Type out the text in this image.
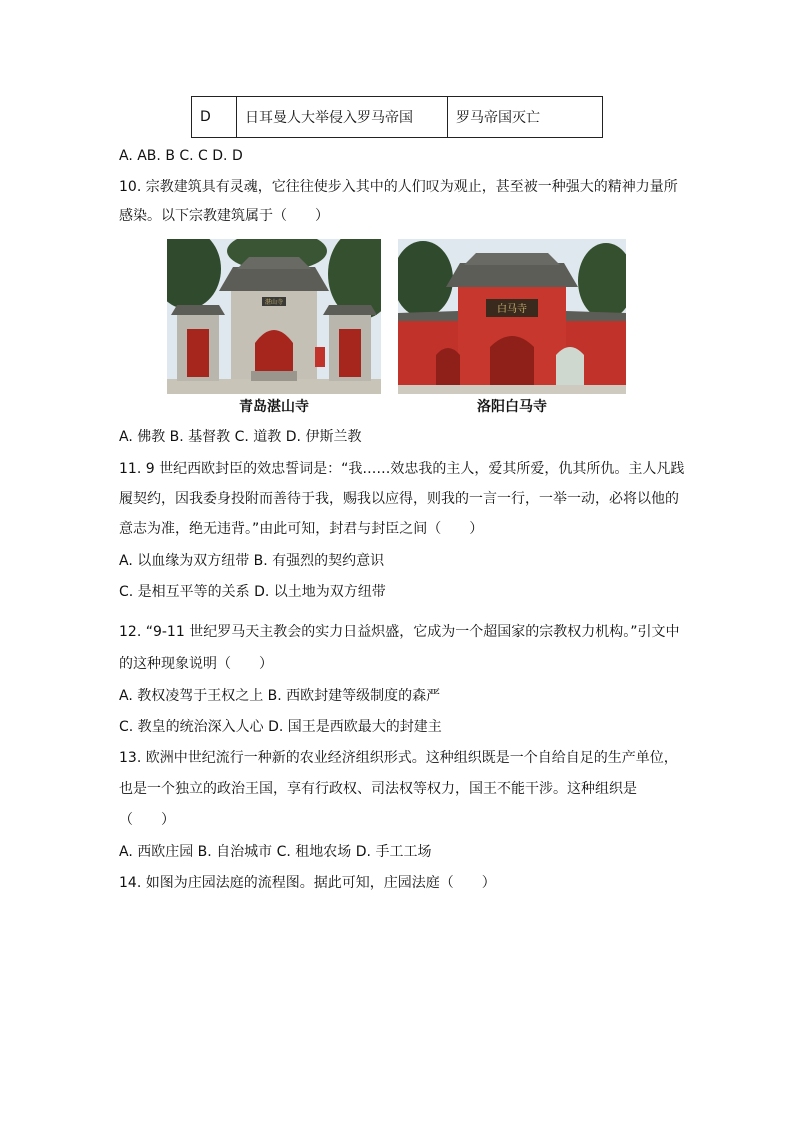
D	日耳曼人大举侵入罗马帝国	罗马帝国灭亡
A. AB. B C. C D. D
10. 宗教建筑具有灵魂，它往往使步入其中的人们叹为观止，甚至被一种强大的精神力量所
感染。以下宗教建筑属于（　　）
湛山寺
青岛湛山寺
白马寺
洛阳白马寺
A. 佛教 B. 基督教 C. 道教 D. 伊斯兰教
11. 9 世纪西欧封臣的效忠誓词是：“我……效忠我的主人，爱其所爱，仇其所仇。主人凡践
履契约，因我委身投附而善待于我，赐我以应得，则我的一言一行，一举一动，必将以他的
意志为准，绝无违背。”由此可知，封君与封臣之间（　　）
A. 以血缘为双方纽带 B. 有强烈的契约意识
C. 是相互平等的关系 D. 以土地为双方纽带
12. “9-11 世纪罗马天主教会的实力日益炽盛，它成为一个超国家的宗教权力机构。”引文中
的这种现象说明（　　）
A. 教权凌驾于王权之上 B. 西欧封建等级制度的森严
C. 教皇的统治深入人心 D. 国王是西欧最大的封建主
13. 欧洲中世纪流行一种新的农业经济组织形式。这种组织既是一个自给自足的生产单位，
也是一个独立的政治王国，享有行政权、司法权等权力，国王不能干涉。这种组织是
（　　）
A. 西欧庄园 B. 自治城市 C. 租地农场 D. 手工工场
14. 如图为庄园法庭的流程图。据此可知，庄园法庭（　　）
